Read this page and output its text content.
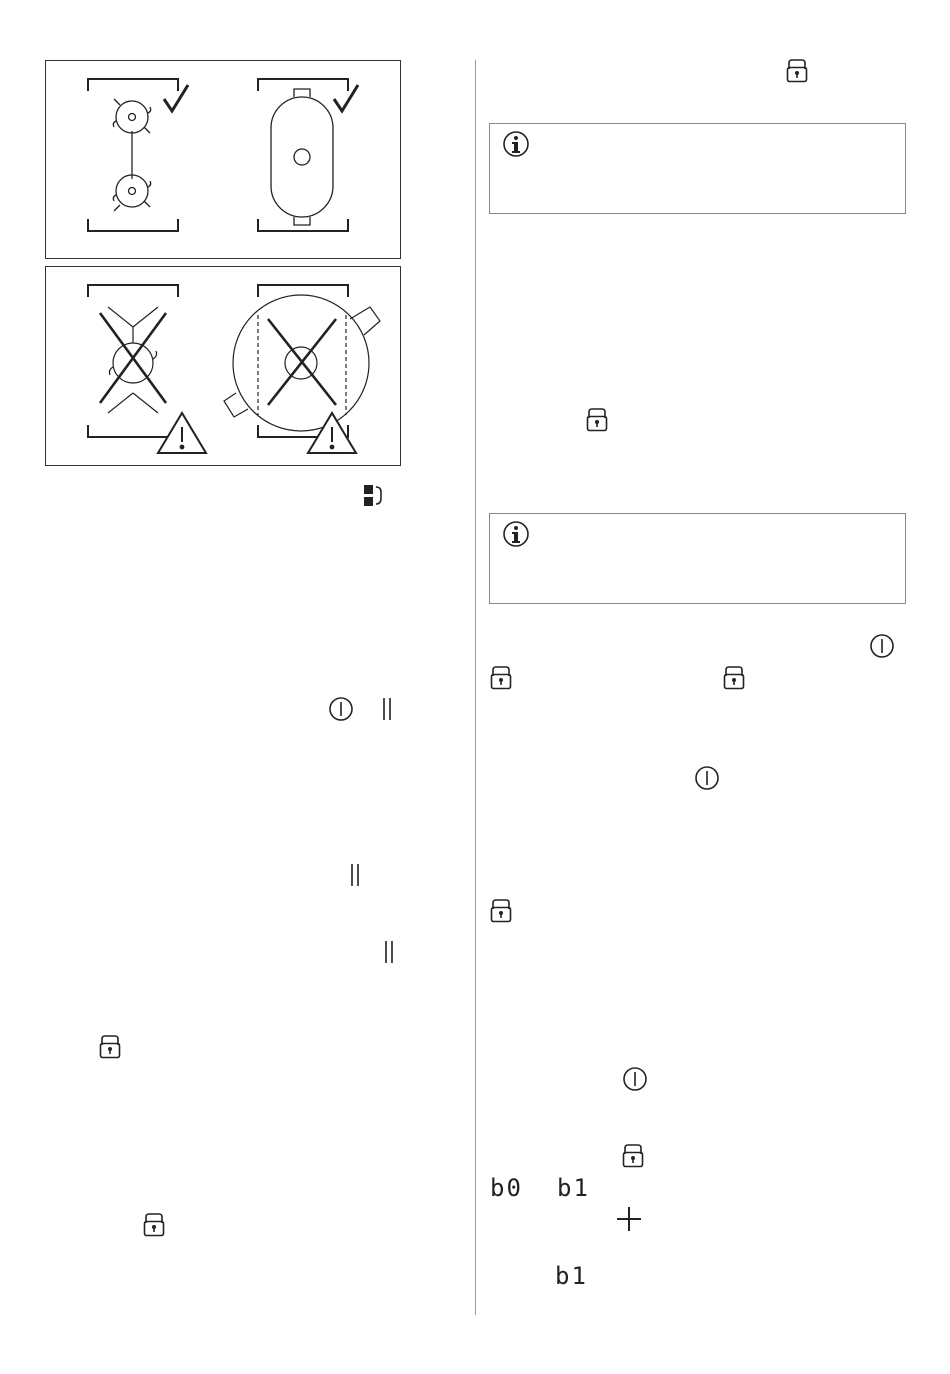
b0 b1
b1
